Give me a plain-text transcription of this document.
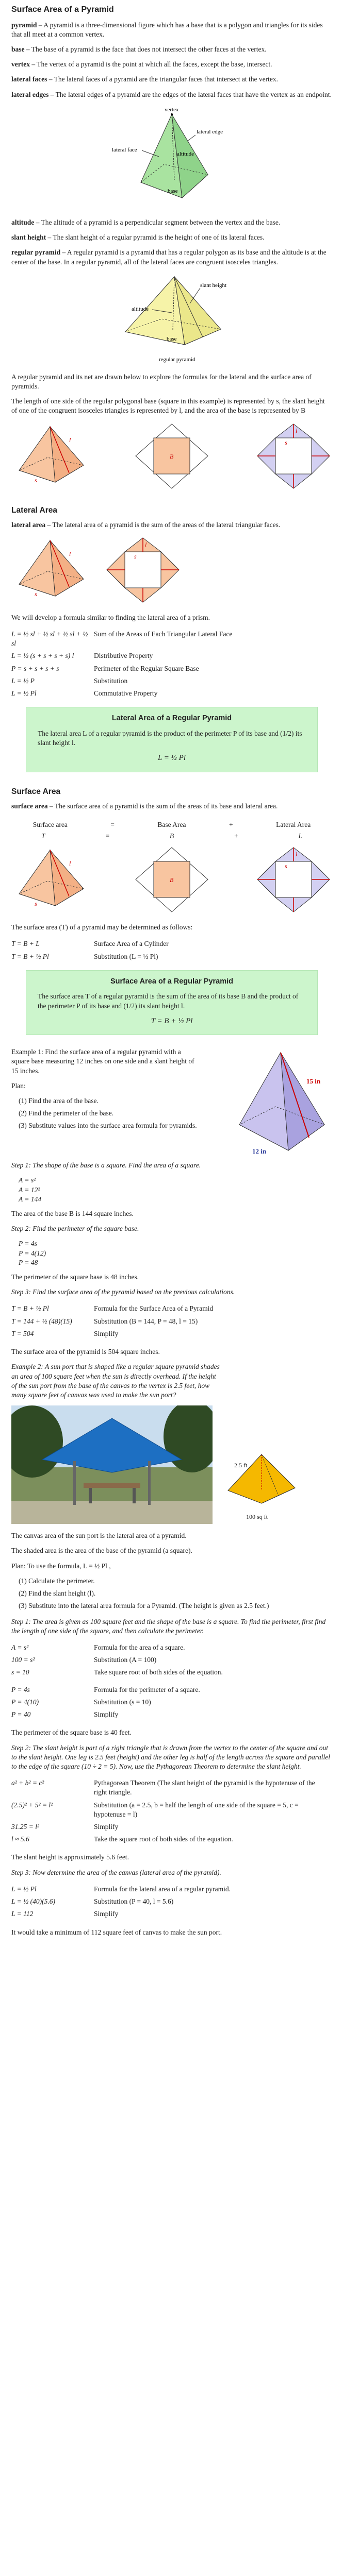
Surface Area of a Pyramid

pyramid – A pyramid is a three-dimensional figure which has a base that is a polygon and triangles for its sides that all meet at a common vertex.

base – The base of a pyramid is the face that does not intersect the other faces at the vertex.

vertex – The vertex of a pyramid is the point at which all the faces, except the base, intersect.

lateral faces – The lateral faces of a pyramid are the triangular faces that intersect at the vertex.

lateral edges – The lateral edges of a pyramid are the edges of the lateral faces that have the vertex as an endpoint.

vertex
lateral edge
lateral face
altitude
base

altitude – The altitude of a pyramid is a perpendicular segment between the vertex and the base.

slant height – The slant height of a regular pyramid is the height of one of its lateral faces.

regular pyramid – A regular pyramid is a pyramid that has a regular polygon as its base and the altitude is at the center of the base. In a regular pyramid, all of the lateral faces are congruent isosceles triangles.

slant height
altitude
base
regular pyramid

A regular pyramid and its net are drawn below to explore the formulas for the lateral and the surface area of pyramids.

The length of one side of the regular polygonal base (square in this example) is represented by s, the slant height of one of the congruent isosceles triangles is represented by l, and the area of the base is represented by B

l
s
B
l
s
Lateral Area

lateral area – The lateral area of a pyramid is the sum of the areas of the lateral triangular faces.

l
s
l
s

We will develop a formula similar to finding the lateral area of a prism.

L = ½ sl + ½ sl + ½ sl + ½ sl	Sum of the Areas of Each Triangular Lateral Face
L = ½ (s + s + s + s) l	Distributive Property
P = s + s + s + s	Perimeter of the Regular Square Base
L = ½ P	Substitution
L = ½ Pl	Commutative Property
Lateral Area of a Regular Pyramid
The lateral area L of a regular pyramid is the product of the perimeter P of its base and (1/2) its slant height l.
L = ½ Pl
Surface Area

surface area – The surface area of a pyramid is the sum of the areas of its base and lateral area.

Surface area	=	Base Area	+	Lateral Area
T	=	B	+	L
l
s
B
l
s

The surface area (T) of a pyramid may be determined as follows:

T = B + L	Surface Area of a Cylinder
T = B + ½ Pl	Substitution (L = ½ Pl)
Surface Area of a Regular Pyramid
The surface area T of a regular pyramid is the sum of the area of its base B and the product of the perimeter P of its base and (1/2) its slant height l.
T = B + ½ Pl

Example 1: Find the surface area of a regular pyramid with a square base measuring 12 inches on one side and a slant height of 15 inches.

Plan:

(1) Find the area of the base.
(2) Find the perimeter of the base.
(3) Substitute values into the surface area formula for pyramids.
15 in
12 in

Step 1: The shape of the base is a square. Find the area of a square.

A = s²
A = 12²
A = 144

The area of the base B is 144 square inches.

Step 2: Find the perimeter of the square base.

P = 4s
P = 4(12)
P = 48

The perimeter of the square base is 48 inches.

Step 3: Find the surface area of the pyramid based on the previous calculations.

T = B + ½ Pl	Formula for the Surface Area of a Pyramid
T = 144 + ½ (48)(15)	Substitution (B = 144, P = 48, l = 15)
T = 504	Simplify

The surface area of the pyramid is 504 square inches.

Example 2: A sun port that is shaped like a regular square pyramid shades an area of 100 square feet when the sun is directly overhead. If the height of the sun port from the base of the canvas to the vertex is 2.5 feet, how many square feet of canvas was used to make the sun port?

2.5 ft
100 sq ft

The canvas area of the sun port is the lateral area of a pyramid.

The shaded area is the area of the base of the pyramid (a square).

Plan: To use the formula, L = ½ Pl ,

(1) Calculate the perimeter.
(2) Find the slant height (l).
(3) Substitute into the lateral area formula for a Pyramid. (The height is given as 2.5 feet.)

Step 1: The area is given as 100 square feet and the shape of the base is a square. To find the perimeter, first find the length of one side of the square, and then calculate the perimeter.

A = s²	Formula for the area of a square.
100 = s²	Substitution (A = 100)
s = 10	Take square root of both sides of the equation.
P = 4s	Formula for the perimeter of a square.
P = 4(10)	Substitution (s = 10)
P = 40	Simplify

The perimeter of the square base is 40 feet.

Step 2: The slant height is part of a right triangle that is drawn from the vertex to the center of the square and out to the slant height. One leg is 2.5 feet (height) and the other leg is half of the length across the square and parallel to the edge of the square (10 ÷ 2 = 5). Now, use the Pythagorean Theorem to determine the slant height.

a² + b² = c²	Pythagorean Theorem (The slant height of the pyramid is the hypotenuse of the right triangle.
(2.5)² + 5² = l²	Substitution (a = 2.5, b = half the length of one side of the square = 5, c = hypotenuse = l)
31.25 = l²	Simplify
l ≈ 5.6	Take the square root of both sides of the equation.

The slant height is approximately 5.6 feet.

Step 3: Now determine the area of the canvas (lateral area of the pyramid).

L = ½ Pl	Formula for the lateral area of a regular pyramid.
L = ½ (40)(5.6)	Substitution (P = 40, l = 5.6)
L = 112	Simplify

It would take a minimum of 112 square feet of canvas to make the sun port.
